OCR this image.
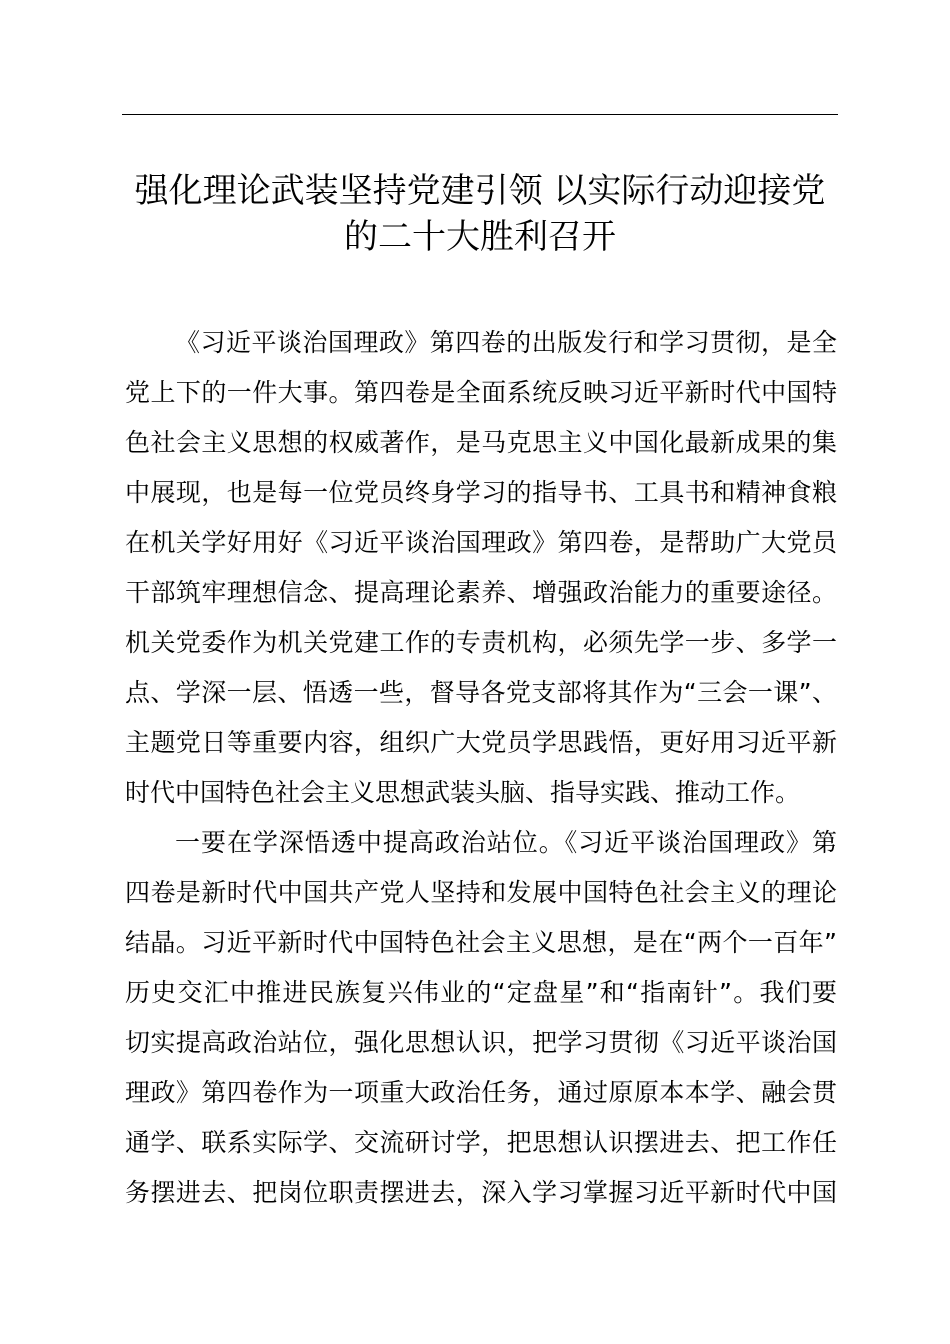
强化理论武装坚持党建引领 以实际行动迎接党
的二十大胜利召开
《习近平谈治国理政》第四卷的出版发行和学习贯彻，是全
党上下的一件大事。第四卷是全面系统反映习近平新时代中国特
色社会主义思想的权威著作，是马克思主义中国化最新成果的集
中展现，也是每一位党员终身学习的指导书、工具书和精神食粮
在机关学好用好《习近平谈治国理政》第四卷，是帮助广大党员
干部筑牢理想信念、提高理论素养、增强政治能力的重要途径。
机关党委作为机关党建工作的专责机构，必须先学一步、多学一
点、学深一层、悟透一些，督导各党支部将其作为“三会一课”、
主题党日等重要内容，组织广大党员学思践悟，更好用习近平新
时代中国特色社会主义思想武装头脑、指导实践、推动工作。
一要在学深悟透中提高政治站位。《习近平谈治国理政》第
四卷是新时代中国共产党人坚持和发展中国特色社会主义的理论
结晶。习近平新时代中国特色社会主义思想，是在“两个一百年”
历史交汇中推进民族复兴伟业的“定盘星”和“指南针”。我们要
切实提高政治站位，强化思想认识，把学习贯彻《习近平谈治国
理政》第四卷作为一项重大政治任务，通过原原本本学、融会贯
通学、联系实际学、交流研讨学，把思想认识摆进去、把工作任
务摆进去、把岗位职责摆进去，深入学习掌握习近平新时代中国
